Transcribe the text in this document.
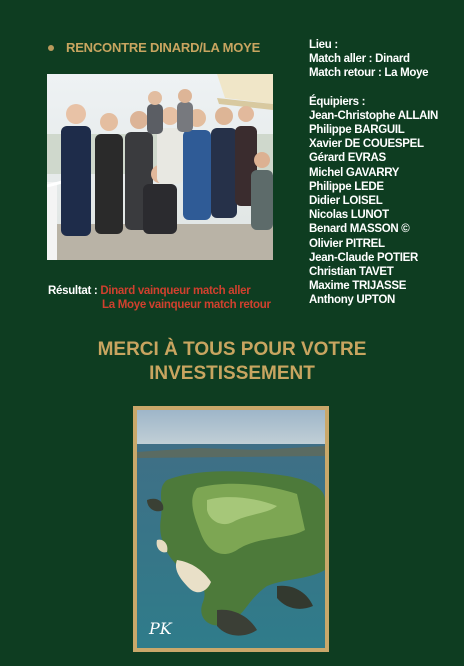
RENCONTRE DINARD/LA MOYE
Résultat : Dinard vainqueur match aller
La Moye vainqueur match retour
Lieu :
Match aller : Dinard
Match retour : La Moye
Équipiers :
Jean-Christophe ALLAIN
Philippe BARGUIL
Xavier DE COUESPEL
Gérard EVRAS
Michel GAVARRY
Philippe LEDE
Didier LOISEL
Nicolas LUNOT
Benard MASSON ©
Olivier PITREL
Jean-Claude POTIER
Christian TAVET
Maxime TRIJASSE
Anthony UPTON
MERCI À TOUS POUR VOTRE
INVESTISSEMENT
PK
